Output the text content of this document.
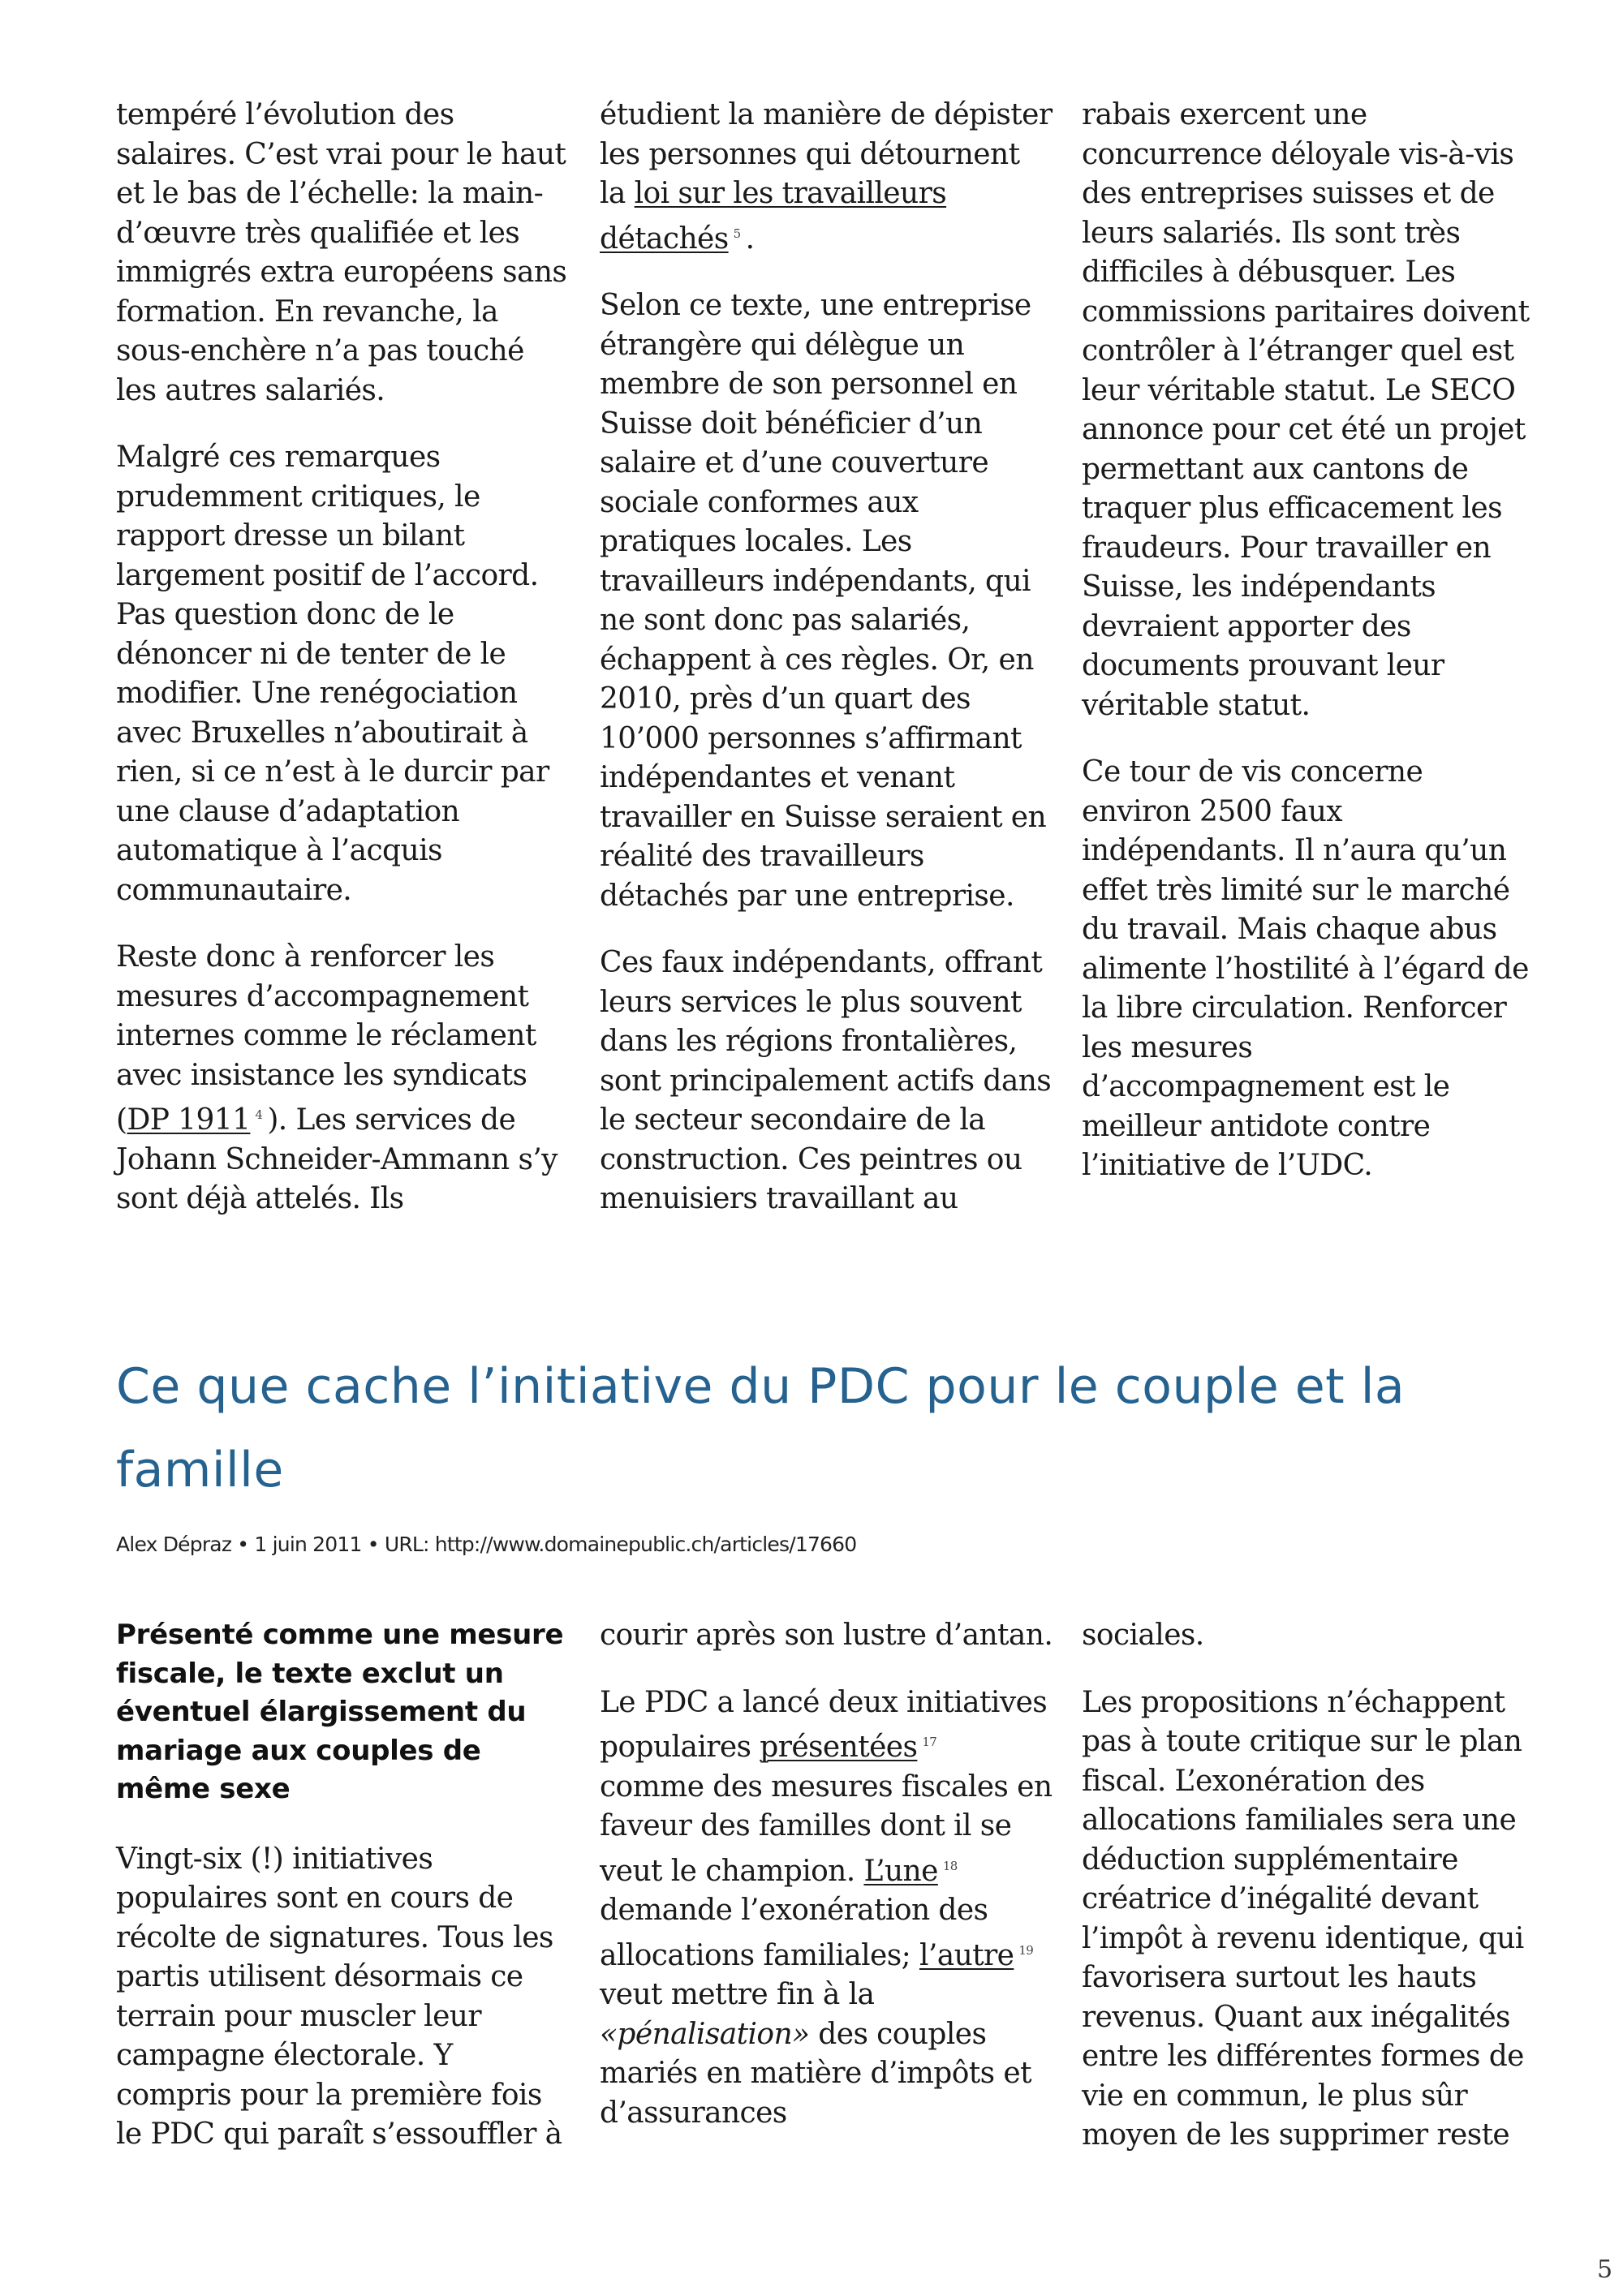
tempéré l’évolution des salaires. C’est vrai pour le haut et le bas de l’échelle: la main-d’œuvre très qualifiée et les immigrés extra européens sans formation. En revanche, la sous-enchère n’a pas touché les autres salariés.

Malgré ces remarques prudemment critiques, le rapport dresse un bilant largement positif de l’accord. Pas question donc de le dénoncer ni de tenter de le modifier. Une renégociation avec Bruxelles n’aboutirait à rien, si ce n’est à le durcir par une clause d’adaptation automatique à l’acquis communautaire.

Reste donc à renforcer les mesures d’accompagnement internes comme le réclament avec insistance les syndicats (DP 1911 $^4$ ). Les services de Johann Schneider-Ammann s’y sont déjà attelés. Ils

étudient la manière de dépister les personnes qui détournent la loi sur les travailleurs détachés $^5$ .

Selon ce texte, une entreprise étrangère qui délègue un membre de son personnel en Suisse doit bénéficier d’un salaire et d’une couverture sociale conformes aux pratiques locales. Les travailleurs indépendants, qui ne sont donc pas salariés, échappent à ces règles. Or, en 2010, près d’un quart des 10’000 personnes s’affirmant indépendantes et venant travailler en Suisse seraient en réalité des travailleurs détachés par une entreprise.

Ces faux indépendants, offrant leurs services le plus souvent dans les régions frontalières, sont principalement actifs dans le secteur secondaire de la construction. Ces peintres ou menuisiers travaillant au

rabais exercent une concurrence déloyale vis-à-vis des entreprises suisses et de leurs salariés. Ils sont très difficiles à débusquer. Les commissions paritaires doivent contrôler à l’étranger quel est leur véritable statut. Le SECO annonce pour cet été un projet permettant aux cantons de traquer plus efficacement les fraudeurs. Pour travailler en Suisse, les indépendants devraient apporter des documents prouvant leur véritable statut.

Ce tour de vis concerne environ 2500 faux indépendants. Il n’aura qu’un effet très limité sur le marché du travail. Mais chaque abus alimente l’hostilité à l’égard de la libre circulation. Renforcer les mesures d’accompagnement est le meilleur antidote contre l’initiative de l’UDC.

Ce que cache l’initiative du PDC pour le couple et la famille
Alex Dépraz • 1 juin 2011 • URL: http://www.domainepublic.ch/articles/17660

Présenté comme une mesure fiscale, le texte exclut un éventuel élargissement du mariage aux couples de même sexe

Vingt-six (!) initiatives populaires sont en cours de récolte de signatures. Tous les partis utilisent désormais ce terrain pour muscler leur campagne électorale. Y compris pour la première fois le PDC qui paraît s’essouffler à

courir après son lustre d’antan.

Le PDC a lancé deux initiatives populaires présentées $^{17}$ comme des mesures fiscales en faveur des familles dont il se veut le champion. L’une $^{18}$ demande l’exonération des allocations familiales; l’autre $^{19}$ veut mettre fin à la «pénalisation» des couples mariés en matière d’impôts et d’assurances

sociales.

Les propositions n’échappent pas à toute critique sur le plan fiscal. L’exonération des allocations familiales sera une déduction supplémentaire créatrice d’inégalité devant l’impôt à revenu identique, qui favorisera surtout les hauts revenus. Quant aux inégalités entre les différentes formes de vie en commun, le plus sûr moyen de les supprimer reste

5
